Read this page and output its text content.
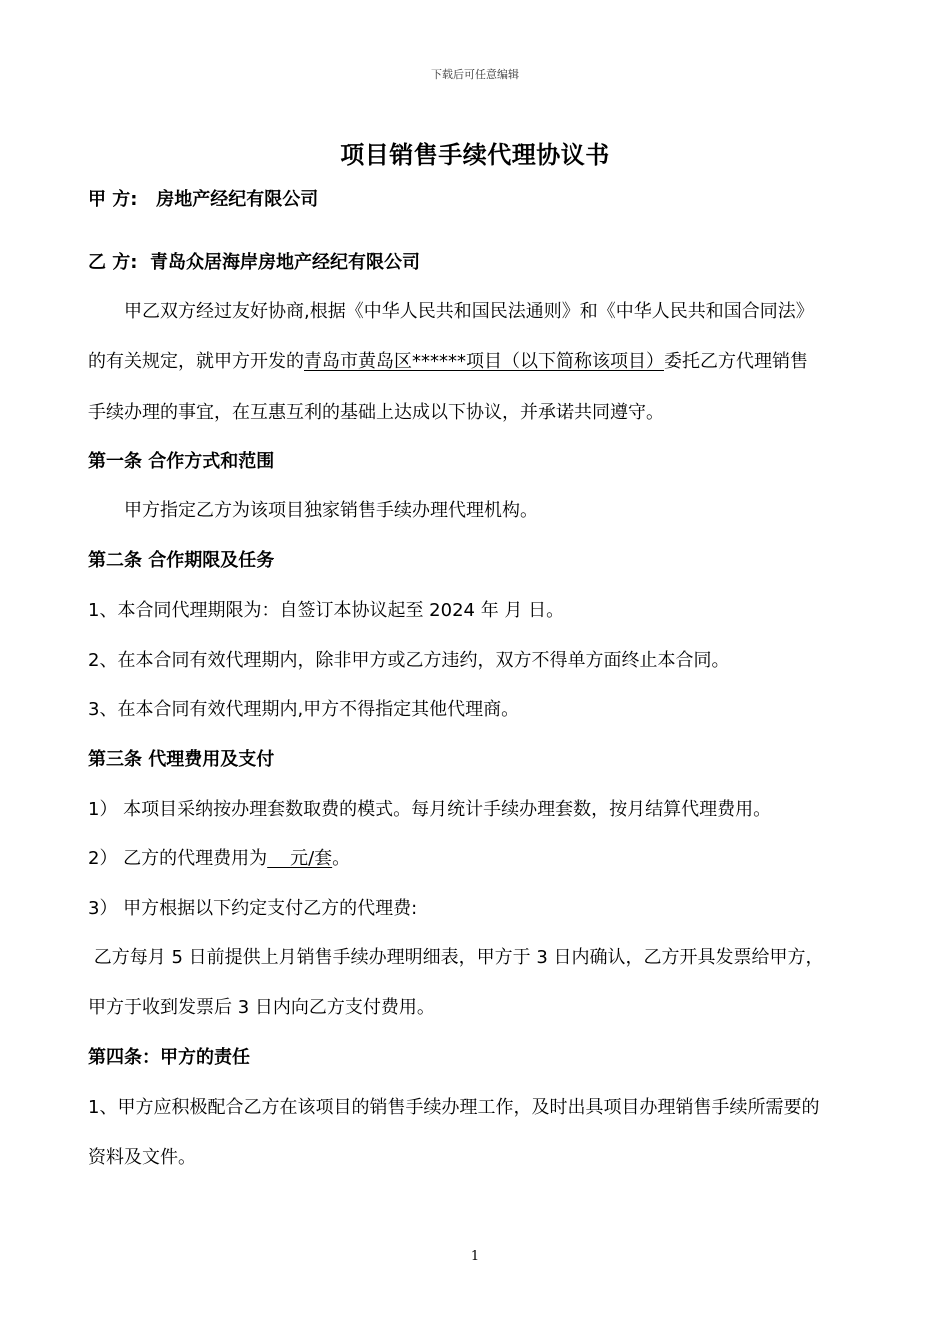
下载后可任意编辑
项目销售手续代理协议书
甲 方: 房地产经纪有限公司
乙 方: 青岛众居海岸房地产经纪有限公司
甲乙双方经过友好协商,根据《中华人民共和国民法通则》和《中华人民共和国合同法》
的有关规定，就甲方开发的青岛市黄岛区******项目（以下简称该项目）委托乙方代理销售
手续办理的事宜，在互惠互利的基础上达成以下协议，并承诺共同遵守。
第一条 合作方式和范围
甲方指定乙方为该项目独家销售手续办理代理机构。
第二条 合作期限及任务
1、本合同代理期限为：自签订本协议起至 2024 年 月 日。
2、在本合同有效代理期内，除非甲方或乙方违约，双方不得单方面终止本合同。
3、在本合同有效代理期内,甲方不得指定其他代理商。
第三条 代理费用及支付
1） 本项目采纳按办理套数取费的模式。每月统计手续办理套数，按月结算代理费用。
2） 乙方的代理费用为    元/套。
3） 甲方根据以下约定支付乙方的代理费:
乙方每月 5 日前提供上月销售手续办理明细表，甲方于 3 日内确认，乙方开具发票给甲方，
甲方于收到发票后 3 日内向乙方支付费用。
第四条：甲方的责任
1、甲方应积极配合乙方在该项目的销售手续办理工作，及时出具项目办理销售手续所需要的
资料及文件。
1
